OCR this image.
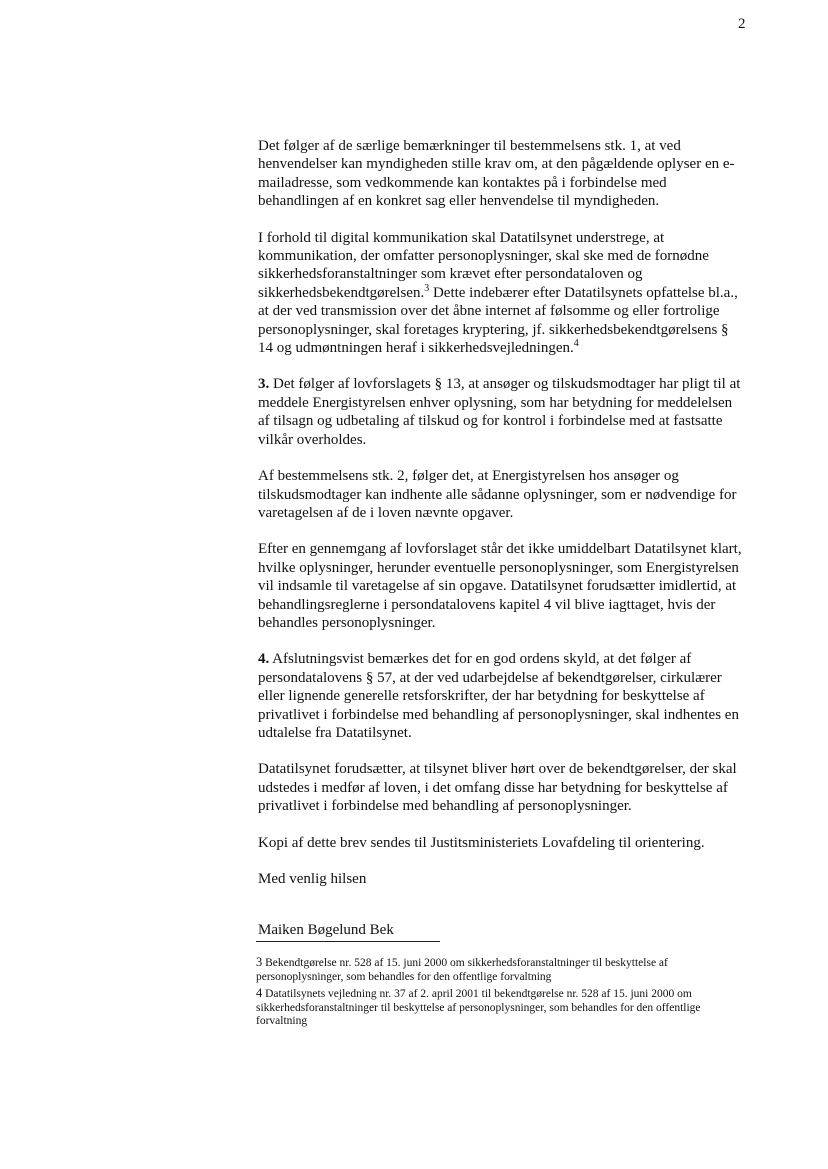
2

Det følger af de særlige bemærkninger til bestemmelsens stk. 1, at ved henvendelser kan myndigheden stille krav om, at den pågældende oplyser en e-mailadresse, som vedkommende kan kontaktes på i forbindelse med behandlingen af en konkret sag eller henvendelse til myndigheden.

I forhold til digital kommunikation skal Datatilsynet understrege, at kommunikation, der omfatter personoplysninger, skal ske med de fornødne sikkerhedsforanstaltninger som krævet efter persondataloven og sikkerhedsbekendtgørelsen.$^3$ Dette indebærer efter Datatilsynets opfattelse bl.a., at der ved transmission over det åbne internet af følsomme og eller fortrolige personoplysninger, skal foretages kryptering, jf. sikkerhedsbekendtgørelsens § 14 og udmøntningen heraf i sikkerhedsvejledningen.$^4$

3. Det følger af lovforslagets § 13, at ansøger og tilskudsmodtager har pligt til at meddele Energistyrelsen enhver oplysning, som har betydning for meddelelsen af tilsagn og udbetaling af tilskud og for kontrol i forbindelse med at fastsatte vilkår overholdes.

Af bestemmelsens stk. 2, følger det, at Energistyrelsen hos ansøger og tilskudsmodtager kan indhente alle sådanne oplysninger, som er nødvendige for varetagelsen af de i loven nævnte opgaver.

Efter en gennemgang af lovforslaget står det ikke umiddelbart Datatilsynet klart, hvilke oplysninger, herunder eventuelle personoplysninger, som Energistyrelsen vil indsamle til varetagelse af sin opgave. Datatilsynet forudsætter imidlertid, at behandlingsreglerne i persondatalovens kapitel 4 vil blive iagttaget, hvis der behandles personoplysninger.

4. Afslutningsvist bemærkes det for en god ordens skyld, at det følger af persondatalovens § 57, at der ved udarbejdelse af bekendtgørelser, cirkulærer eller lignende generelle retsforskrifter, der har betydning for beskyttelse af privatlivet i forbindelse med behandling af personoplysninger, skal indhentes en udtalelse fra Datatilsynet.

Datatilsynet forudsætter, at tilsynet bliver hørt over de bekendtgørelser, der skal udstedes i medfør af loven, i det omfang disse har betydning for beskyttelse af privatlivet i forbindelse med behandling af personoplysninger.

Kopi af dette brev sendes til Justitsministeriets Lovafdeling til orientering.

Med venlig hilsen

Maiken Bøgelund Bek

3 Bekendtgørelse nr. 528 af 15. juni 2000 om sikkerhedsforanstaltninger til beskyttelse af personoplysninger, som behandles for den offentlige forvaltning

4 Datatilsynets vejledning nr. 37 af 2. april 2001 til bekendtgørelse nr. 528 af 15. juni 2000 om sikkerhedsforanstaltninger til beskyttelse af personoplysninger, som behandles for den offentlige forvaltning
